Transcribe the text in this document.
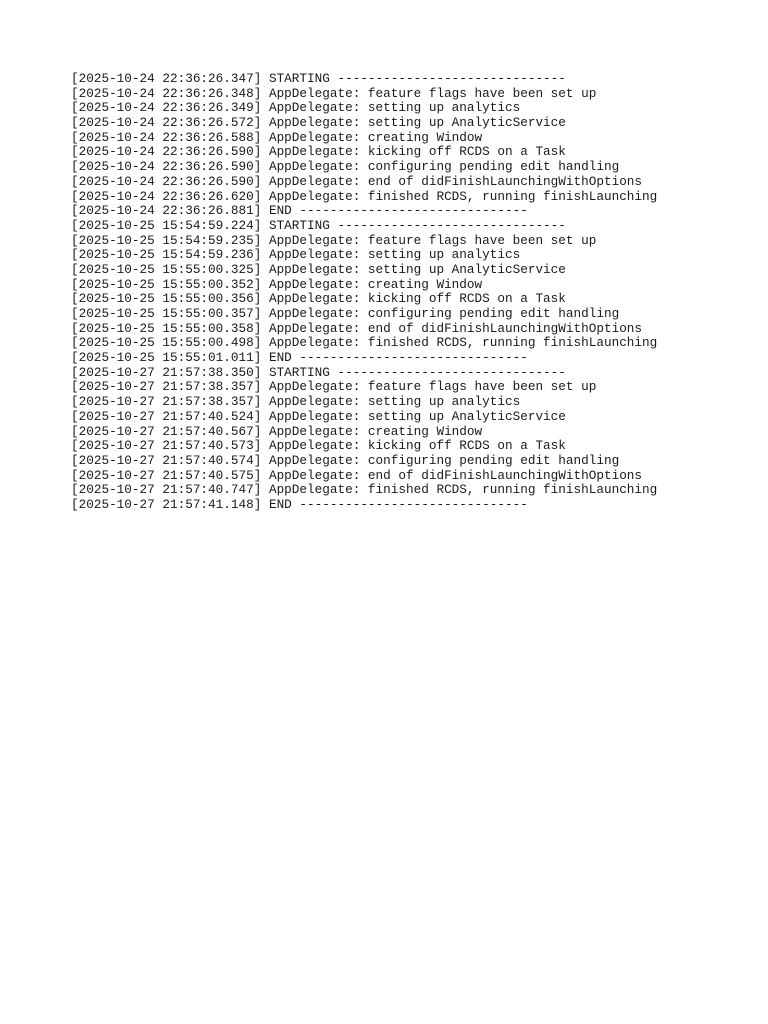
[2025-10-24 22:36:26.347] STARTING ------------------------------
[2025-10-24 22:36:26.348] AppDelegate: feature flags have been set up
[2025-10-24 22:36:26.349] AppDelegate: setting up analytics
[2025-10-24 22:36:26.572] AppDelegate: setting up AnalyticService
[2025-10-24 22:36:26.588] AppDelegate: creating Window
[2025-10-24 22:36:26.590] AppDelegate: kicking off RCDS on a Task
[2025-10-24 22:36:26.590] AppDelegate: configuring pending edit handling
[2025-10-24 22:36:26.590] AppDelegate: end of didFinishLaunchingWithOptions
[2025-10-24 22:36:26.620] AppDelegate: finished RCDS, running finishLaunching
[2025-10-24 22:36:26.881] END ------------------------------
[2025-10-25 15:54:59.224] STARTING ------------------------------
[2025-10-25 15:54:59.235] AppDelegate: feature flags have been set up
[2025-10-25 15:54:59.236] AppDelegate: setting up analytics
[2025-10-25 15:55:00.325] AppDelegate: setting up AnalyticService
[2025-10-25 15:55:00.352] AppDelegate: creating Window
[2025-10-25 15:55:00.356] AppDelegate: kicking off RCDS on a Task
[2025-10-25 15:55:00.357] AppDelegate: configuring pending edit handling
[2025-10-25 15:55:00.358] AppDelegate: end of didFinishLaunchingWithOptions
[2025-10-25 15:55:00.498] AppDelegate: finished RCDS, running finishLaunching
[2025-10-25 15:55:01.011] END ------------------------------
[2025-10-27 21:57:38.350] STARTING ------------------------------
[2025-10-27 21:57:38.357] AppDelegate: feature flags have been set up
[2025-10-27 21:57:38.357] AppDelegate: setting up analytics
[2025-10-27 21:57:40.524] AppDelegate: setting up AnalyticService
[2025-10-27 21:57:40.567] AppDelegate: creating Window
[2025-10-27 21:57:40.573] AppDelegate: kicking off RCDS on a Task
[2025-10-27 21:57:40.574] AppDelegate: configuring pending edit handling
[2025-10-27 21:57:40.575] AppDelegate: end of didFinishLaunchingWithOptions
[2025-10-27 21:57:40.747] AppDelegate: finished RCDS, running finishLaunching
[2025-10-27 21:57:41.148] END ------------------------------
